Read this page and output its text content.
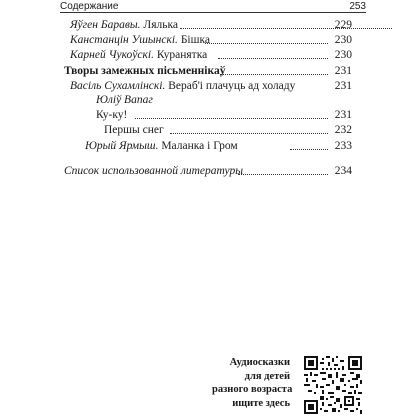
Содержание	253
Яўген Баравы. Лялька	229
Канстанцін Ушынскі. Бішка	230
Карней Чукоўскі. Куранятка	230
Творы замежных пісьменнікаў	231
Васіль Сухамлінскі. Вераб'і плачуць ад холаду	231
Юліў Вапаг
Ку-ку!	231
Першы снег	232
Юрый Ярмыш. Маланка і Гром	233
Список использованной литературы	234
Аудиосказки
для детей
разного возраста
ищите здесь
